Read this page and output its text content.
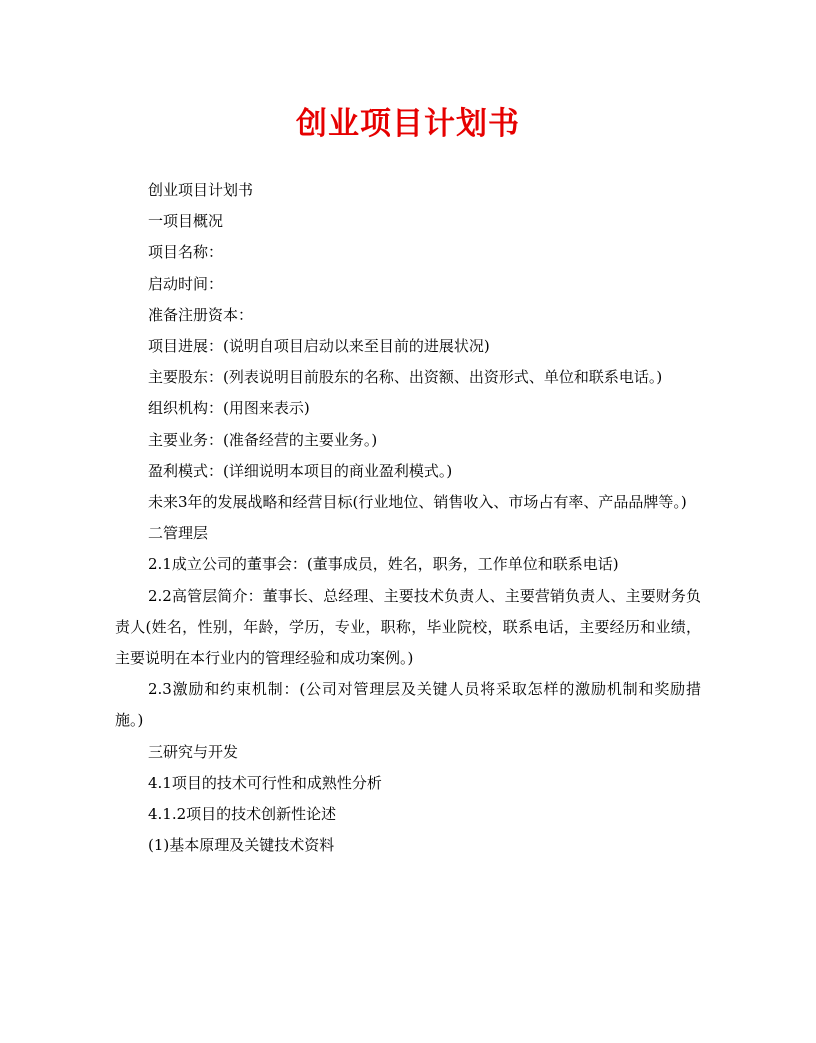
创业项目计划书

创业项目计划书

一项目概况

项目名称：

启动时间：

准备注册资本：

项目进展：(说明自项目启动以来至目前的进展状况)

主要股东：(列表说明目前股东的名称、出资额、出资形式、单位和联系电话。)

组织机构：(用图来表示)

主要业务：(准备经营的主要业务。)

盈利模式：(详细说明本项目的商业盈利模式。)

未来3年的发展战略和经营目标(行业地位、销售收入、市场占有率、产品品牌等。)

二管理层

2.1成立公司的董事会：(董事成员，姓名，职务，工作单位和联系电话)

2.2高管层简介：董事长、总经理、主要技术负责人、主要营销负责人、主要财务负责人(姓名，性别，年龄，学历，专业，职称，毕业院校，联系电话，主要经历和业绩，主要说明在本行业内的管理经验和成功案例。)

2.3激励和约束机制：(公司对管理层及关键人员将采取怎样的激励机制和奖励措施。)

三研究与开发

4.1项目的技术可行性和成熟性分析

4.1.2项目的技术创新性论述

(1)基本原理及关键技术资料
